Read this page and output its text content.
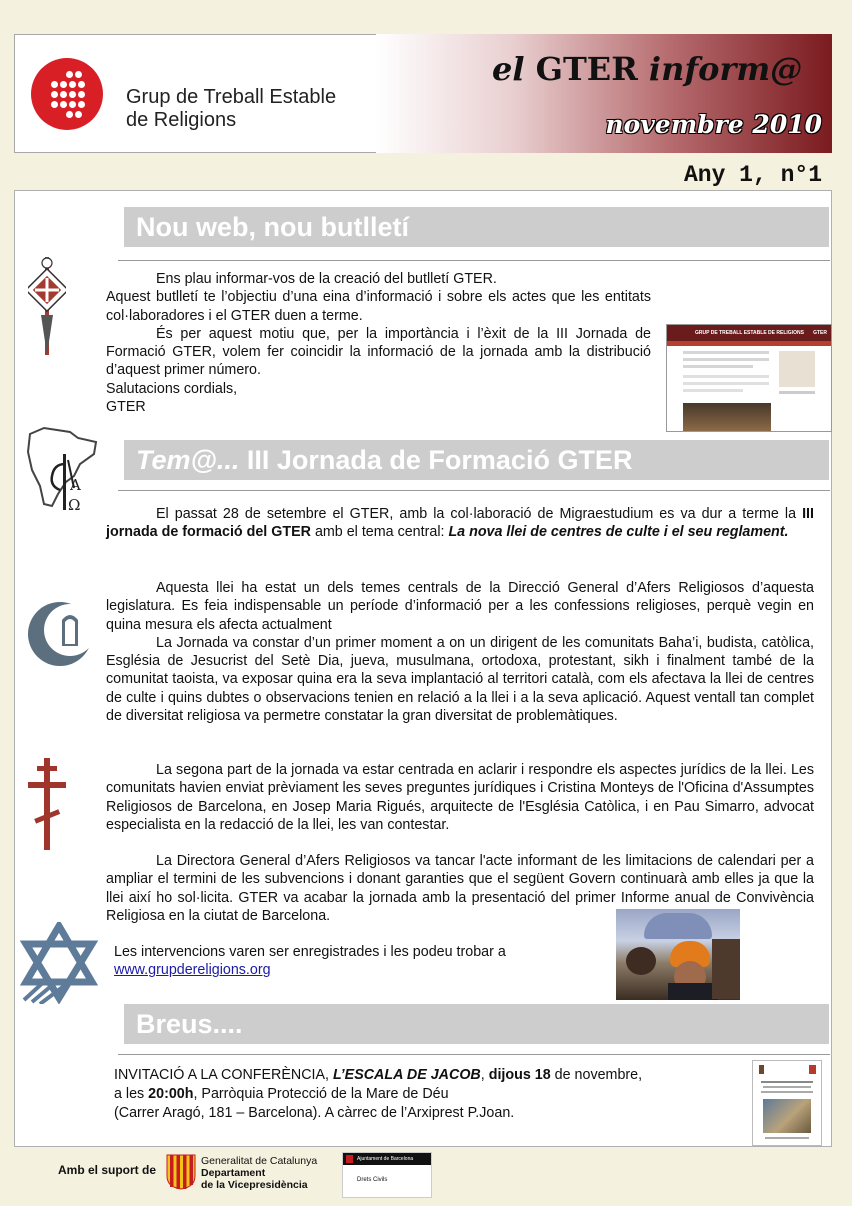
Grup de Treball Estable
de Religions
el GTER inform@
novembre 2010
Any 1, n°1
Nou web, nou butlletí
Ens plau informar-vos de la creació del butlletí GTER.
Aquest butlletí te l’objectiu d’una eina d’informació i sobre els actes que les entitats col·laboradores i el GTER duen a terme.
És per aquest motiu que, per la importància i l’èxit de la III Jornada de Formació GTER, volem fer coincidir la informació de la jornada amb la distribució d’aquest primer número.
Salutacions cordials,
GTER
GRUP DE TREBALL ESTABLE DE RELIGIONS GTER
Tem@... III Jornada de Formació GTER
Α
Ω	El passat 28 de setembre el GTER, amb la col·laboració de Migraestudium es va dur a terme la III jornada de formació del GTER amb el tema central: La nova llei de centres de culte i el seu reglament.
Aquesta llei ha estat un dels temes centrals de la Direcció General d’Afers Religiosos d’aquesta legislatura. Es feia indispensable un període d’informació per a les confessions religioses, perquè vegin en quina mesura els afecta actualment
La Jornada va constar d’un primer moment a on un dirigent de les comunitats Baha’i, budista, catòlica, Església de Jesucrist del Setè Dia, jueva, musulmana, ortodoxa, protestant, sikh i finalment també de la comunitat taoista, va exposar quina era la seva implantació al territori català, com els afectava la llei de centres de culte i quins dubtes o observacions tenien en relació a la llei i a la seva aplicació. Aquest ventall tan complet de diversitat religiosa va permetre constatar la gran diversitat de problemàtiques.
La segona part de la jornada va estar centrada en aclarir i respondre els aspectes jurídics de la llei. Les comunitats havien enviat prèviament les seves preguntes jurídiques i Cristina Monteys de l'Oficina d'Assumptes Religiosos de Barcelona, en Josep Maria Rigués, arquitecte de l'Església Catòlica, i en Pau Simarro, advocat especialista en la redacció de la llei, les van contestar.
La Directora General d’Afers Religiosos va tancar l'acte informant de les limitacions de calendari per a ampliar el termini de les subvencions i donant garanties que el següent Govern continuarà amb elles ja que la llei així ho sol·licita. GTER va acabar la jornada amb la presentació del primer Informe anual de Convivència Religiosa en la ciutat de Barcelona.
Les intervencions varen ser enregistrades i les podeu trobar a
www.grupdereligions.org
Breus....
INVITACIÓ A LA CONFERÈNCIA, L’ESCALA DE JACOB, dijous 18 de novembre,
a les 20:00h, Parròquia Protecció de la Mare de Déu
(Carrer Aragó, 181 – Barcelona). A càrrec de l’Arxiprest P.Joan.
Amb el suport de
Generalitat de Catalunya
Departament
de la Vicepresidència
Ajuntament de Barcelona
Drets Civils
